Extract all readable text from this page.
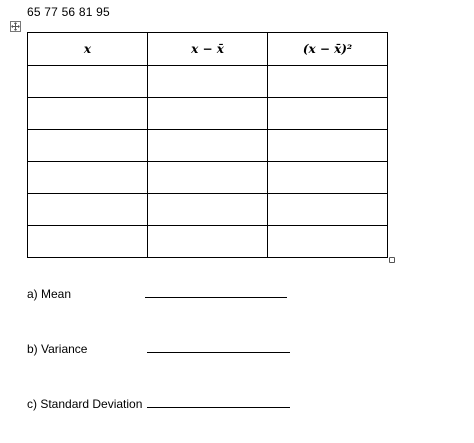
65 77 56 81 95
x	x − x̄	(x − x̄)²

a) Mean
b) Variance
c) Standard Deviation
